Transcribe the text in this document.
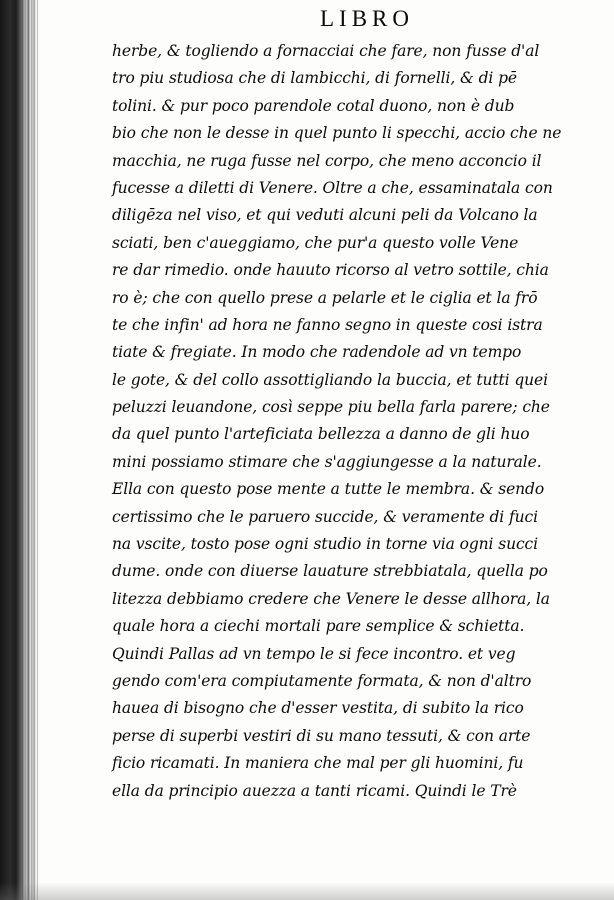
LIBRO
herbe, & togliendo a fornacciai che fare, non fusse d'al
tro piu studiosa che di lambicchi, di fornelli, & di pē
tolini. & pur poco parendole cotal duono, non è dub
bio che non le desse in quel punto li specchi, accio che ne
macchia, ne ruga fusse nel corpo, che meno acconcio il
fucesse a diletti di Venere. Oltre a che, essaminatala con
diligēza nel viso, et qui veduti alcuni peli da Volcano la
sciati, ben c'aueggiamo, che pur'a questo volle Vene
re dar rimedio. onde hauuto ricorso al vetro sottile, chia
ro è; che con quello prese a pelarle et le ciglia et la frō
te che infin' ad hora ne fanno segno in queste cosi istra
tiate & fregiate. In modo che radendole ad vn tempo
le gote, & del collo assottigliando la buccia, et tutti quei
peluzzi leuandone, così seppe piu bella farla parere; che
da quel punto l'arteficiata bellezza a danno de gli huo
mini possiamo stimare che s'aggiungesse a la naturale.
Ella con questo pose mente a tutte le membra. & sendo
certissimo che le paruero succide, & veramente di fuci
na vscite, tosto pose ogni studio in torne via ogni succi
dume. onde con diuerse lauature strebbiatala, quella po
litezza debbiamo credere che Venere le desse allhora, la
quale hora a ciechi mortali pare semplice & schietta.
Quindi Pallas ad vn tempo le si fece incontro. et veg
gendo com'era compiutamente formata, & non d'altro
hauea di bisogno che d'esser vestita, di subito la rico
perse di superbi vestiri di su mano tessuti, & con arte
ficio ricamati. In maniera che mal per gli huomini, fu
ella da principio auezza a tanti ricami. Quindi le Trè
